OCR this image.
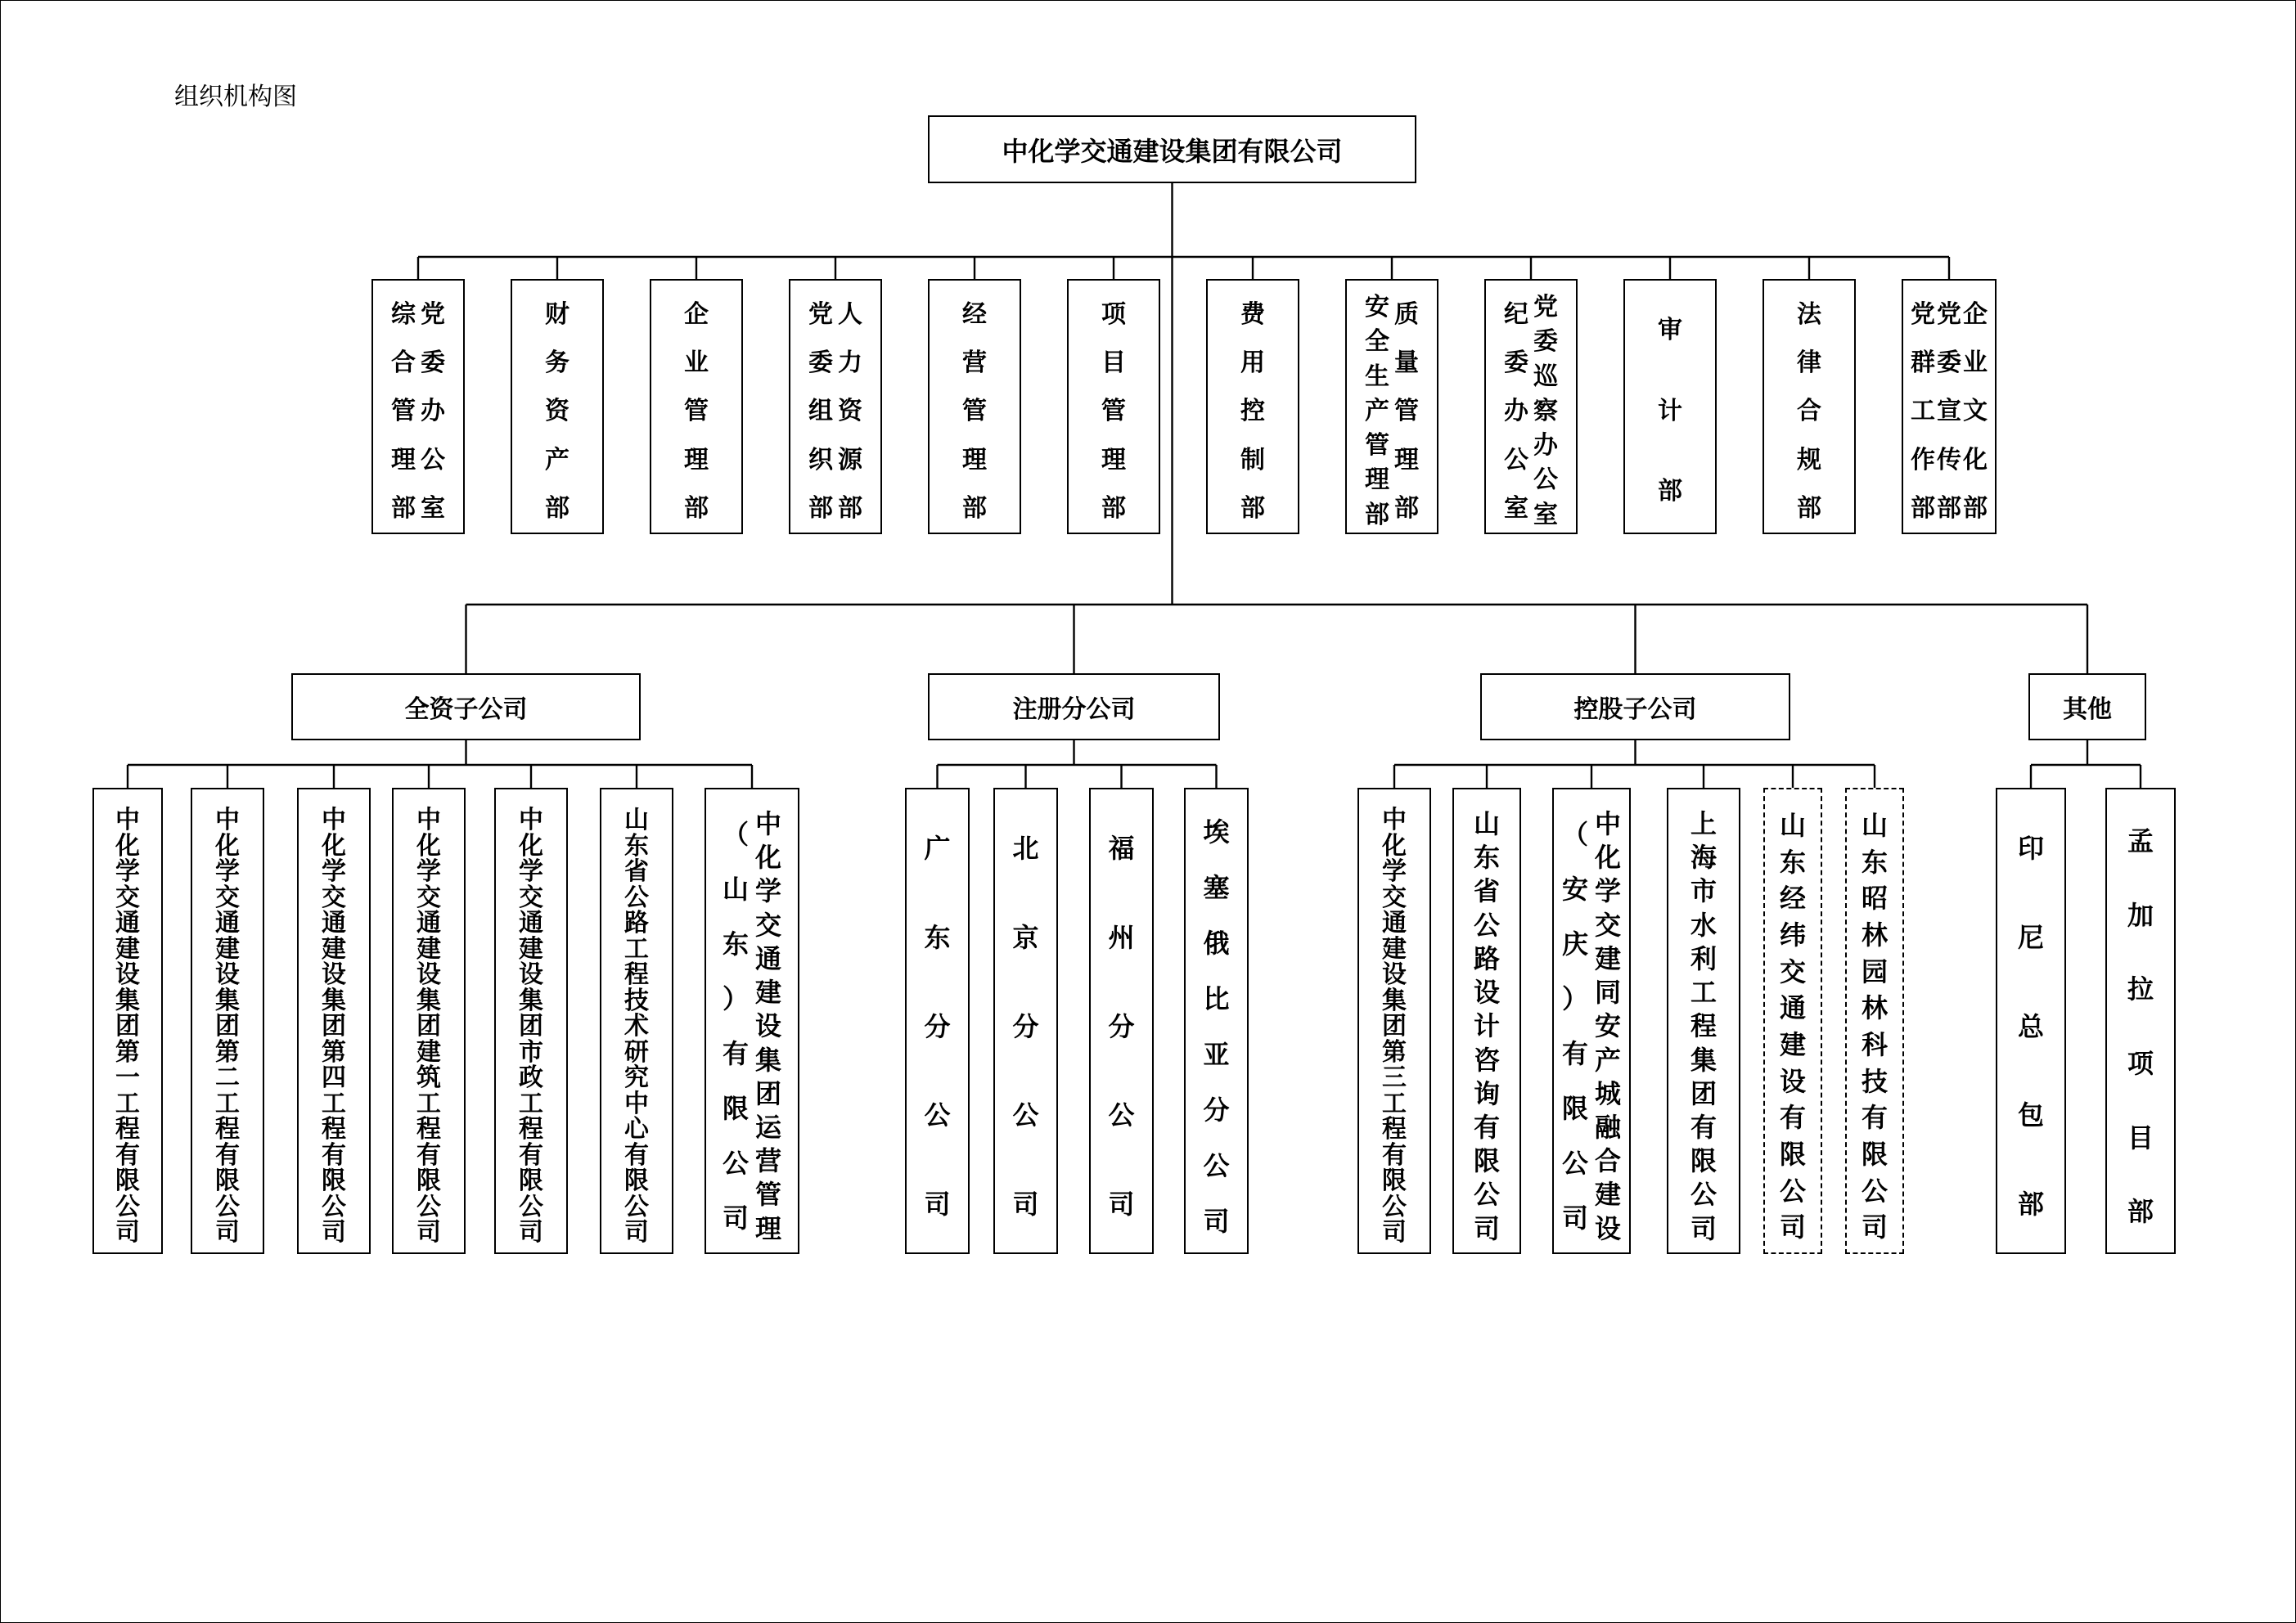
组织机构图
中化学交通建设集团有限公司
党
委
办
公
室
综
合
管
理
部
财
务
资
产
部
企
业
管
理
部
人
力
资
源
部
党
委
组
织
部
经
营
管
理
部
项
目
管
理
部
费
用
控
制
部
质
量
管
理
部
安
全
生
产
管
理
部
党
委
巡
察
办
公
室
纪
委
办
公
室
审
计
部
法
律
合
规
部
企
业
文
化
部
党
委
宣
传
部
党
群
工
作
部
全资子公司
中
化
学
交
通
建
设
集
团
第
一
工
程
有
限
公
司
中
化
学
交
通
建
设
集
团
第
二
工
程
有
限
公
司
中
化
学
交
通
建
设
集
团
第
四
工
程
有
限
公
司
中
化
学
交
通
建
设
集
团
建
筑
工
程
有
限
公
司
中
化
学
交
通
建
设
集
团
市
政
工
程
有
限
公
司
山
东
省
公
路
工
程
技
术
研
究
中
心
有
限
公
司
中
化
学
交
通
建
设
集
团
运
营
管
理
（
山
东
）
有
限
公
司
注册分公司
广
东
分
公
司
北
京
分
公
司
福
州
分
公
司
埃
塞
俄
比
亚
分
公
司
控股子公司
中
化
学
交
通
建
设
集
团
第
三
工
程
有
限
公
司
山
东
省
公
路
设
计
咨
询
有
限
公
司
中
化
学
交
建
同
安
产
城
融
合
建
设
（
安
庆
）
有
限
公
司
上
海
市
水
利
工
程
集
团
有
限
公
司
山
东
经
纬
交
通
建
设
有
限
公
司
山
东
昭
林
园
林
科
技
有
限
公
司
其他
印
尼
总
包
部
孟
加
拉
项
目
部
